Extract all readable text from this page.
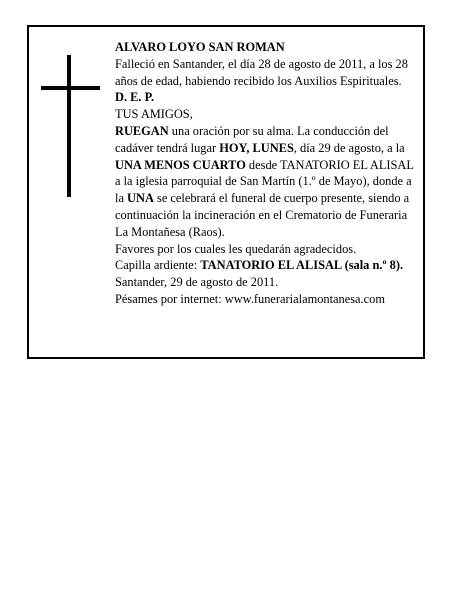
ALVARO LOYO SAN ROMAN

Falleció en Santander, el día 28 de agosto de 2011, a los 28 años de edad, habiendo recibido los Auxilios Espirituales.

D. E. P.

TUS AMIGOS,

RUEGAN una oración por su alma. La conducción del cadáver tendrá lugar HOY, LUNES, día 29 de agosto, a la UNA MENOS CUARTO desde TANATORIO EL ALISAL a la iglesia parroquial de San Martín (1.º de Mayo), donde a la UNA se celebrará el funeral de cuerpo presente, siendo a continuación la incineración en el Crematorio de Funeraria La Montañesa (Raos).

Favores por los cuales les quedarán agradecidos.

Capilla ardiente: TANATORIO EL ALISAL (sala n.º 8).

Santander, 29 de agosto de 2011.

Pésames por internet: www.funerarialamontanesa.com
